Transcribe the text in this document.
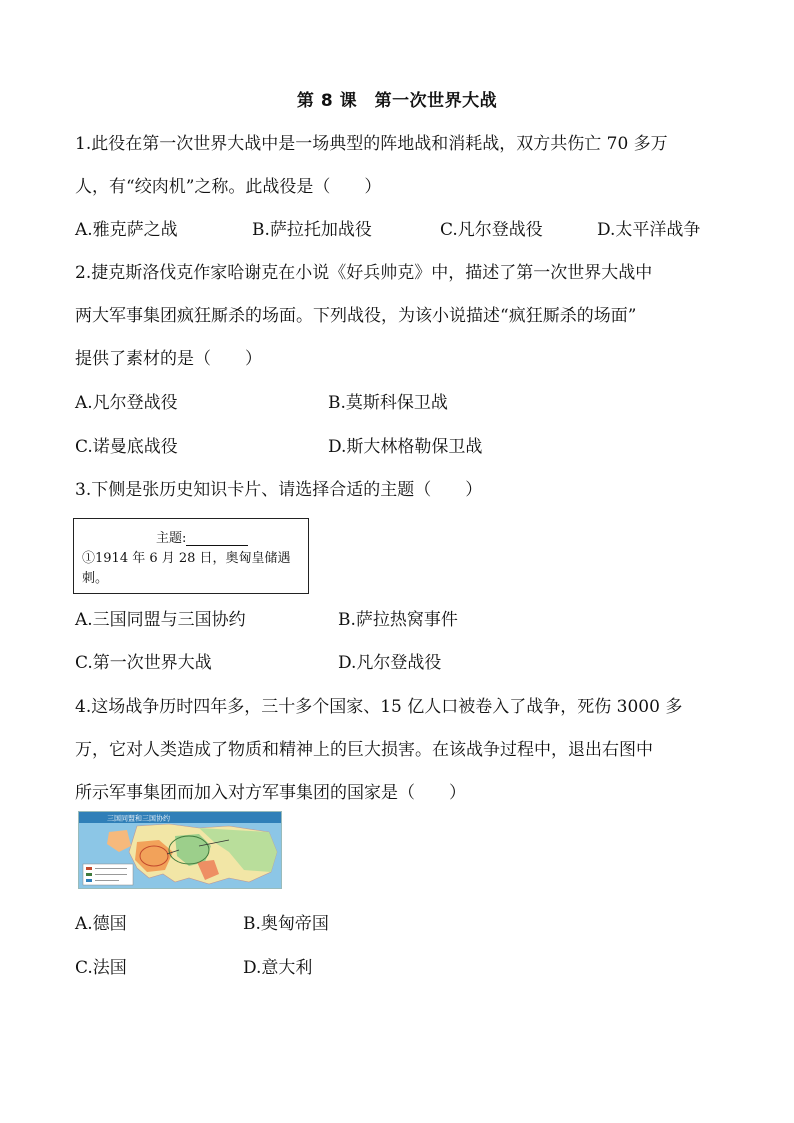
第 8 课　第一次世界大战
1.此役在第一次世界大战中是一场典型的阵地战和消耗战，双方共伤亡 70 多万
人，有“绞肉机”之称。此战役是（　　）
A.雅克萨之战	B.萨拉托加战役	C.凡尔登战役	D.太平洋战争
2.捷克斯洛伐克作家哈谢克在小说《好兵帅克》中，描述了第一次世界大战中
两大军事集团疯狂厮杀的场面。下列战役，为该小说描述“疯狂厮杀的场面”
提供了素材的是（　　）
A.凡尔登战役	B.莫斯科保卫战
C.诺曼底战役	D.斯大林格勒保卫战
3.下侧是张历史知识卡片、请选择合适的主题（　　）
主题:
①1914 年 6 月 28 日，奥匈皇储遇刺。
A.三国同盟与三国协约	B.萨拉热窝事件
C.第一次世界大战	D.凡尔登战役
4.这场战争历时四年多，三十多个国家、15 亿人口被卷入了战争，死伤 3000 多
万，它对人类造成了物质和精神上的巨大损害。在该战争过程中，退出右图中
所示军事集团而加入对方军事集团的国家是（　　）
三国同盟和三国协约
A.德国	B.奥匈帝国
C.法国	D.意大利
